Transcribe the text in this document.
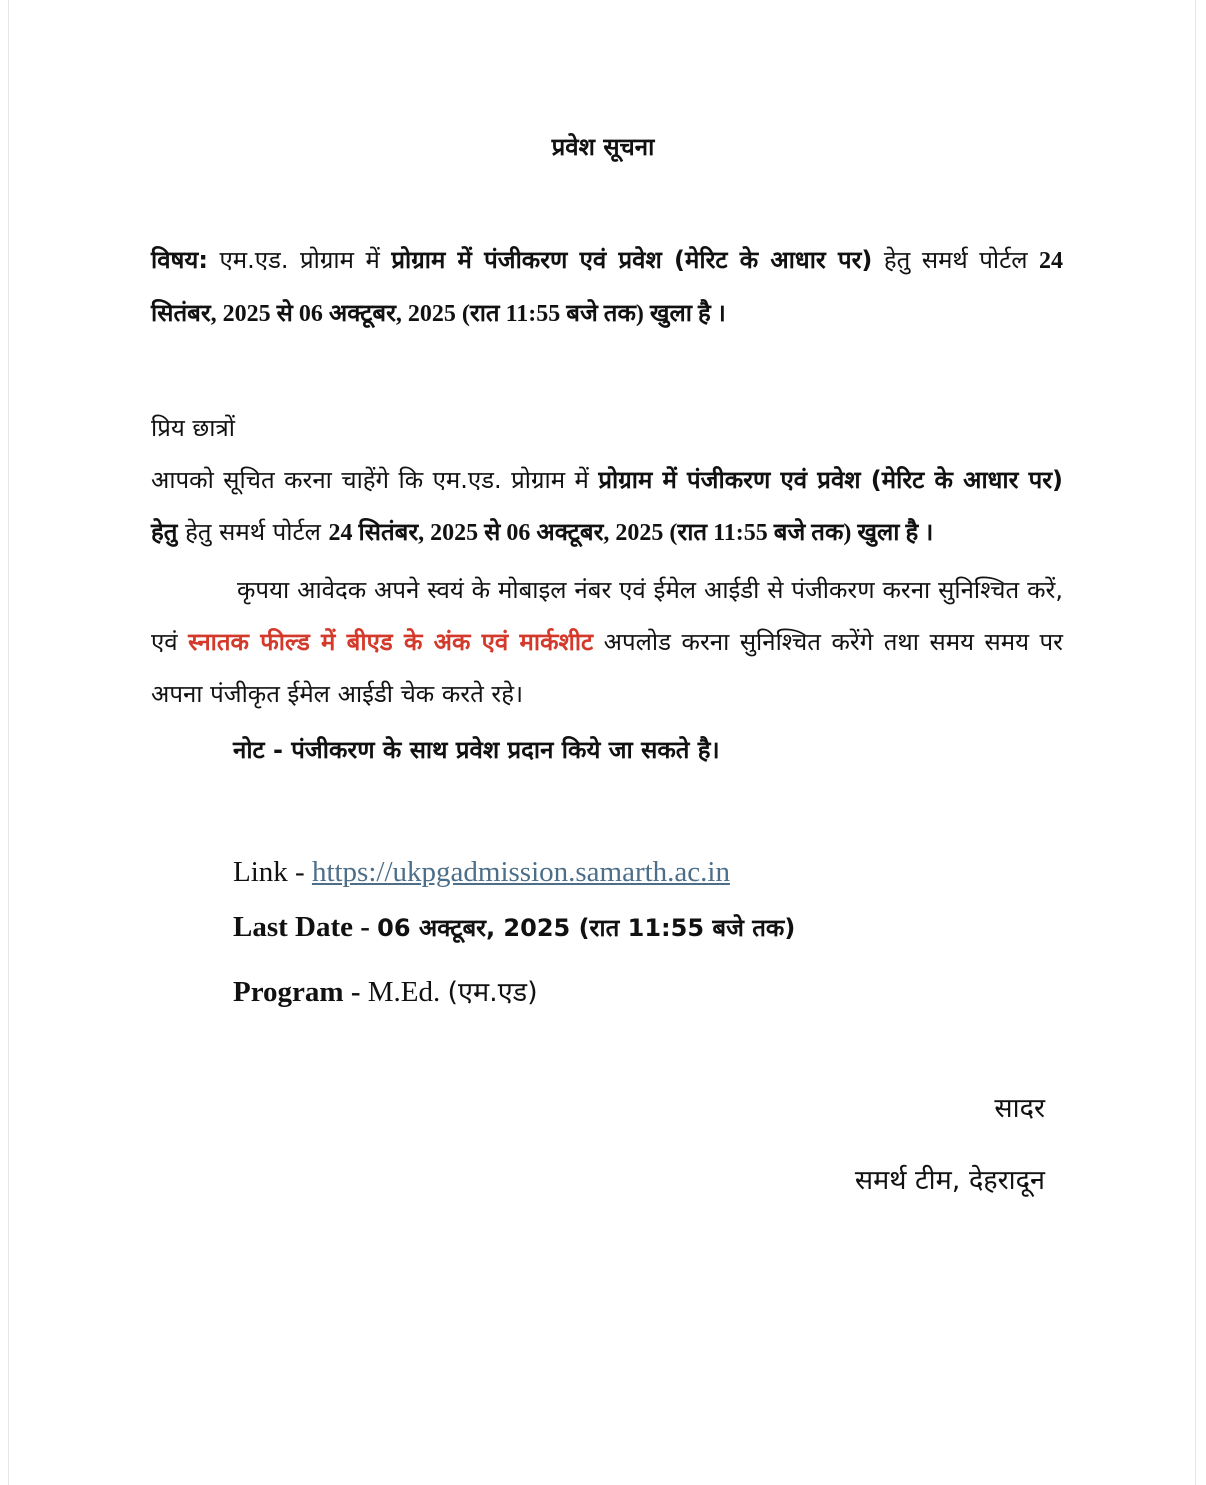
प्रवेश सूचना
विषय: एम.एड. प्रोग्राम में प्रोग्राम में पंजीकरण एवं प्रवेश (मेरिट के आधार पर) हेतु समर्थ पोर्टल 24 सितंबर, 2025 से 06 अक्टूबर, 2025 (रात 11:55 बजे तक) खुला है ।
प्रिय छात्रों
आपको सूचित करना चाहेंगे कि एम.एड. प्रोग्राम में प्रोग्राम में पंजीकरण एवं प्रवेश (मेरिट के आधार पर) हेतु हेतु समर्थ पोर्टल 24 सितंबर, 2025 से 06 अक्टूबर, 2025 (रात 11:55 बजे तक) खुला है ।
कृपया आवेदक अपने स्वयं के मोबाइल नंबर एवं ईमेल आईडी से पंजीकरण करना सुनिश्चित करें, एवं स्नातक फील्ड में बीएड के अंक एवं मार्कशीट अपलोड करना सुनिश्चित करेंगे तथा समय समय पर अपना पंजीकृत ईमेल आईडी चेक करते रहे।
नोट - पंजीकरण के साथ प्रवेश प्रदान किये जा सकते है।
Link - https://ukpgadmission.samarth.ac.in
Last Date - 06 अक्टूबर, 2025 (रात 11:55 बजे तक)
Program - M.Ed. (एम.एड)
सादर
समर्थ टीम, देहरादून
